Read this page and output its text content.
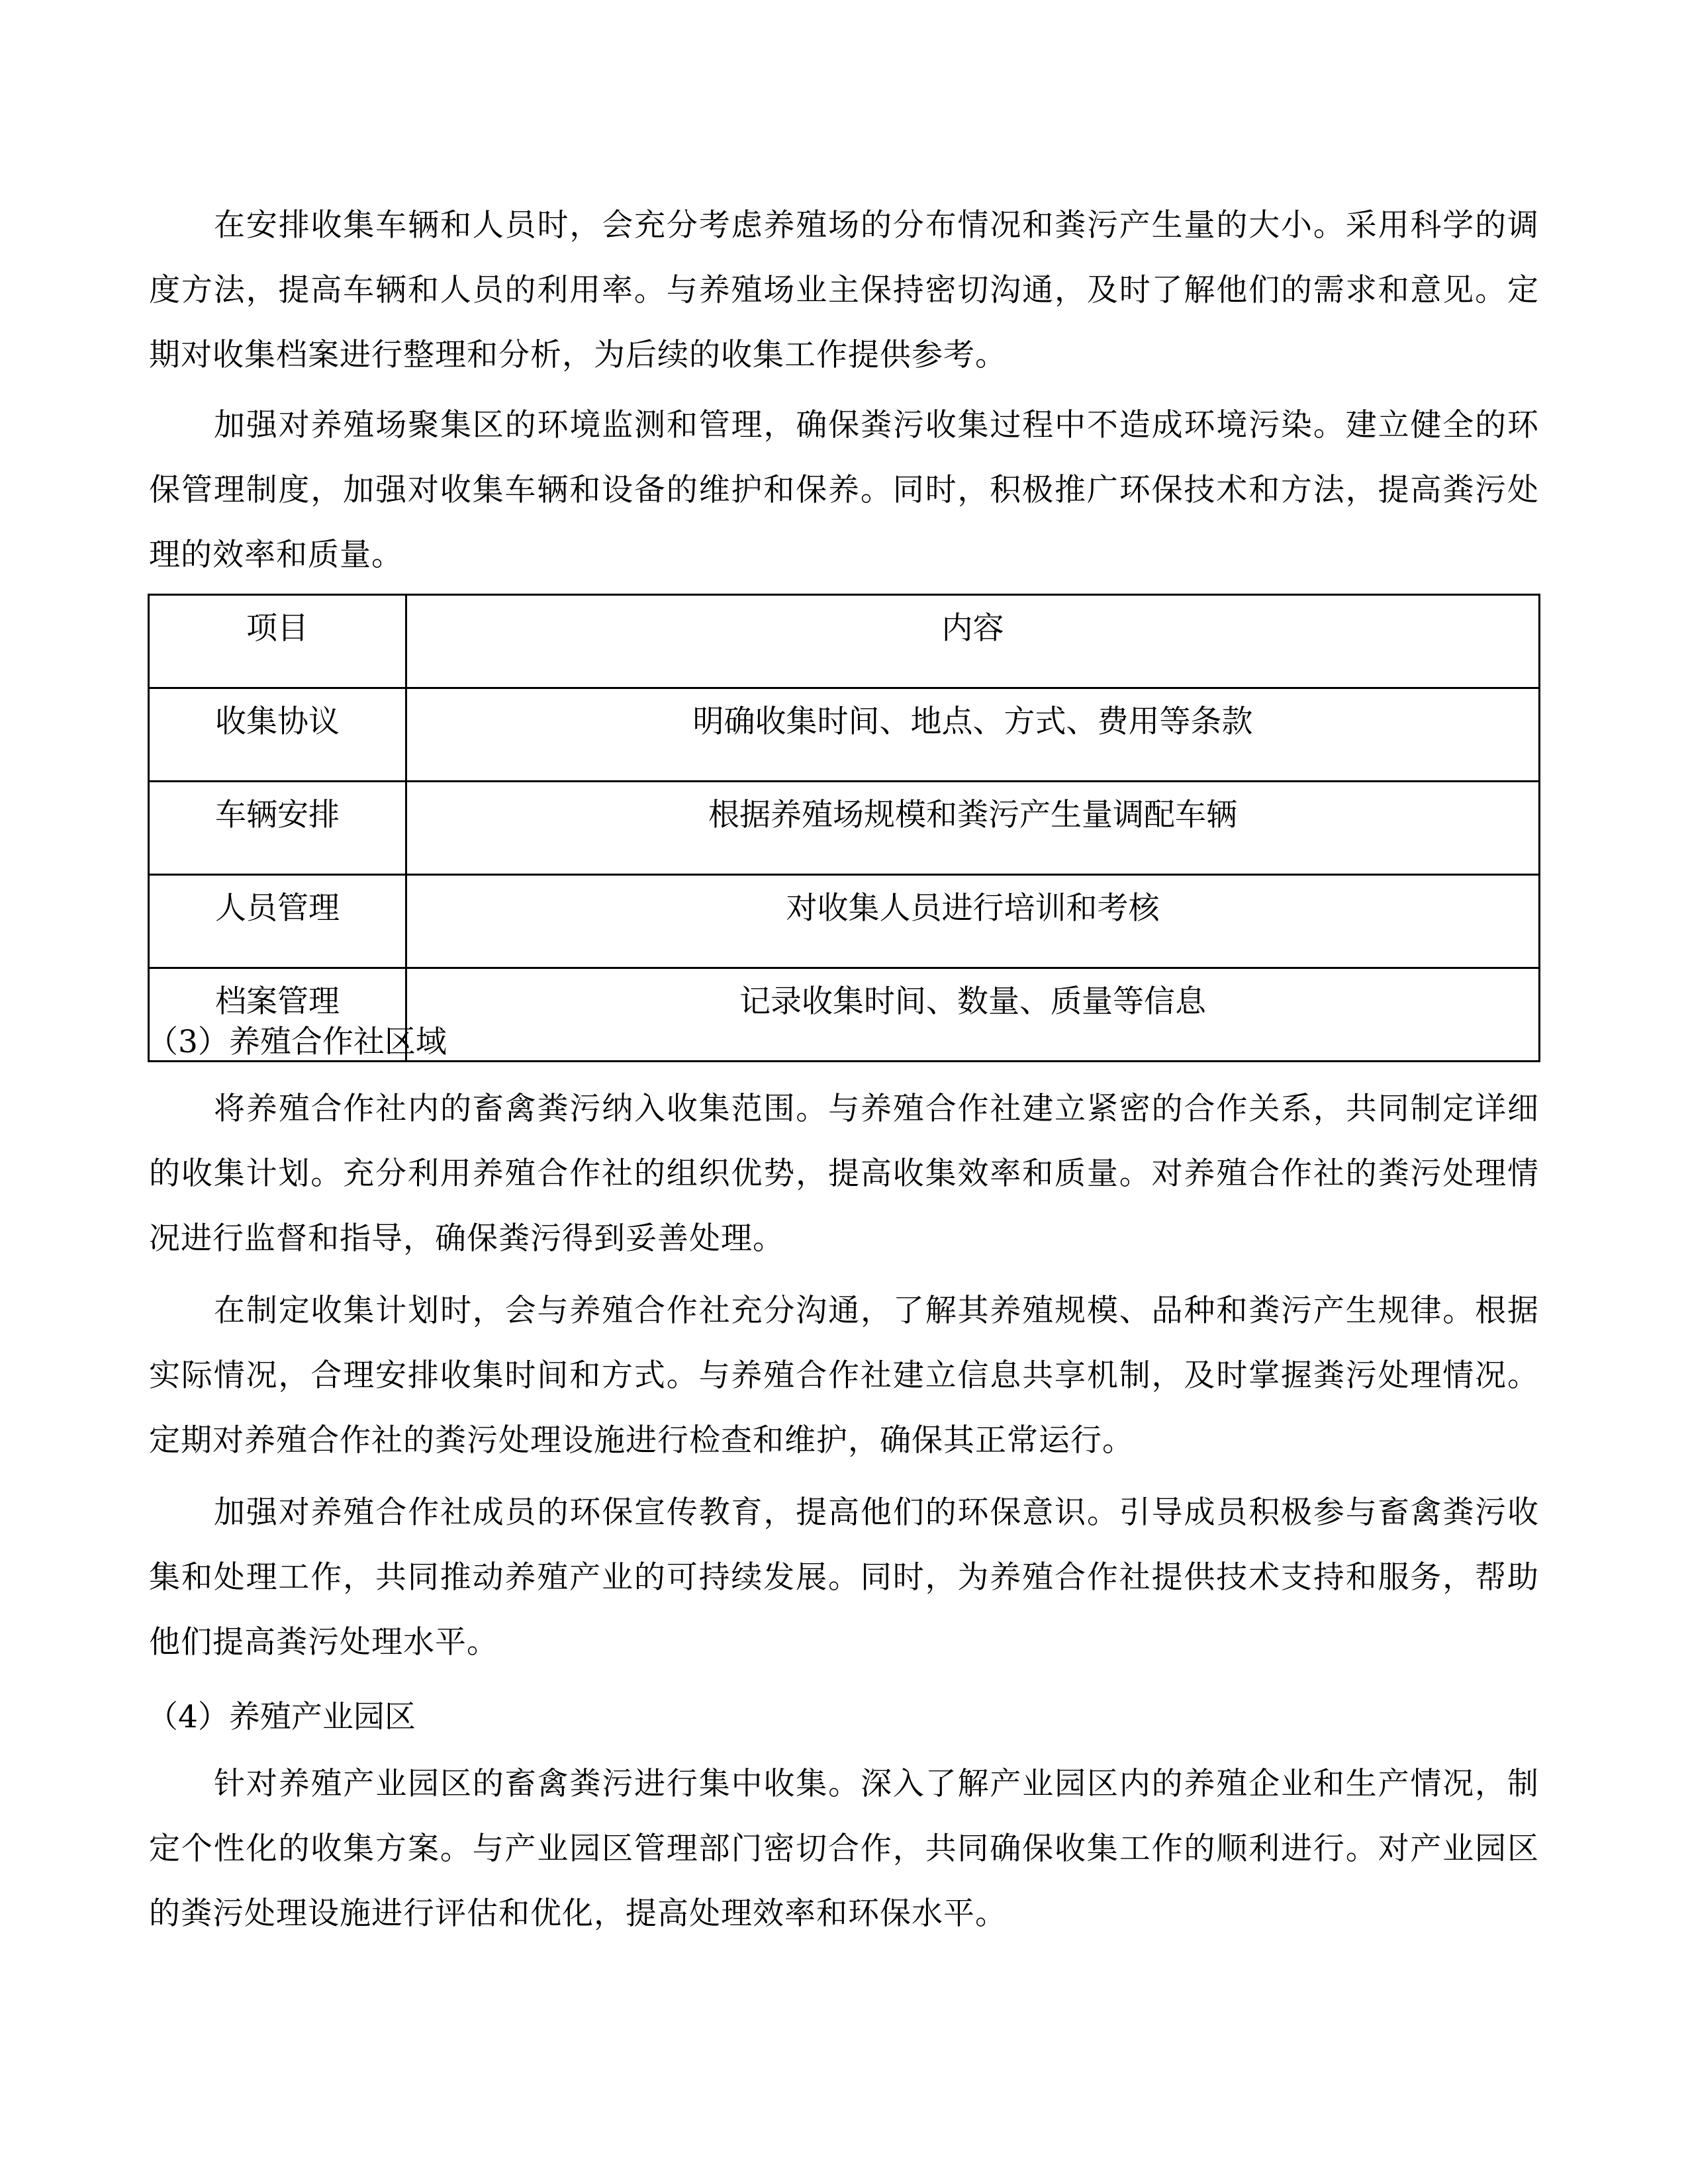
在安排收集车辆和人员时，会充分考虑养殖场的分布情况和粪污产生量的大小。采用科学的调度方法，提高车辆和人员的利用率。与养殖场业主保持密切沟通，及时了解他们的需求和意见。定期对收集档案进行整理和分析，为后续的收集工作提供参考。

加强对养殖场聚集区的环境监测和管理，确保粪污收集过程中不造成环境污染。建立健全的环保管理制度，加强对收集车辆和设备的维护和保养。同时，积极推广环保技术和方法，提高粪污处理的效率和质量。

项目	内容
收集协议	明确收集时间、地点、方式、费用等条款
车辆安排	根据养殖场规模和粪污产生量调配车辆
人员管理	对收集人员进行培训和考核
档案管理	记录收集时间、数量、质量等信息
（3）养殖合作社区域

将养殖合作社内的畜禽粪污纳入收集范围。与养殖合作社建立紧密的合作关系，共同制定详细的收集计划。充分利用养殖合作社的组织优势，提高收集效率和质量。对养殖合作社的粪污处理情况进行监督和指导，确保粪污得到妥善处理。

在制定收集计划时，会与养殖合作社充分沟通，了解其养殖规模、品种和粪污产生规律。根据实际情况，合理安排收集时间和方式。与养殖合作社建立信息共享机制，及时掌握粪污处理情况。定期对养殖合作社的粪污处理设施进行检查和维护，确保其正常运行。

加强对养殖合作社成员的环保宣传教育，提高他们的环保意识。引导成员积极参与畜禽粪污收集和处理工作，共同推动养殖产业的可持续发展。同时，为养殖合作社提供技术支持和服务，帮助他们提高粪污处理水平。

（4）养殖产业园区

针对养殖产业园区的畜禽粪污进行集中收集。深入了解产业园区内的养殖企业和生产情况，制定个性化的收集方案。与产业园区管理部门密切合作，共同确保收集工作的顺利进行。对产业园区的粪污处理设施进行评估和优化，提高处理效率和环保水平。
